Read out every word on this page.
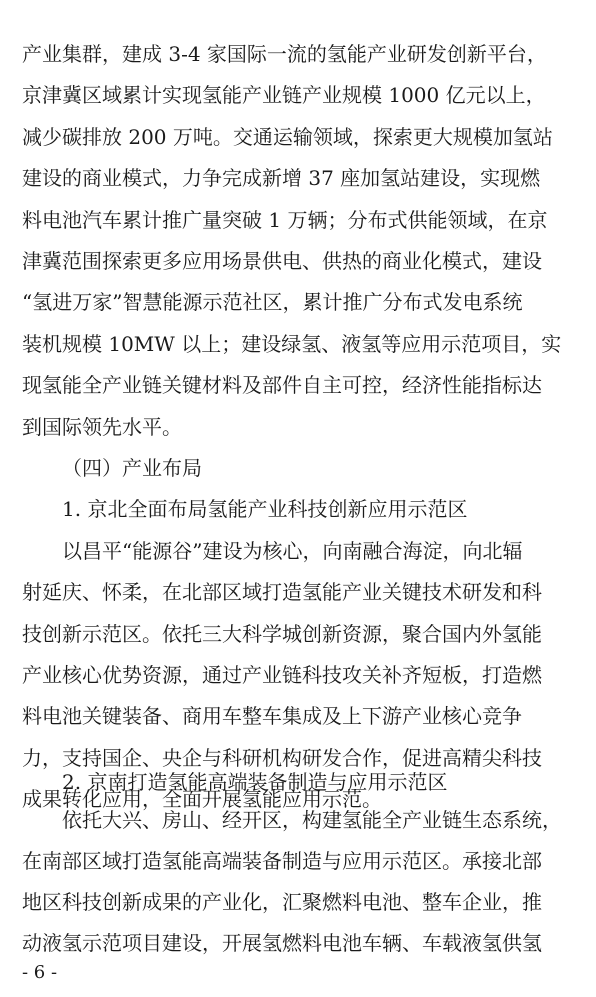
产业集群，建成 3-4 家国际一流的氢能产业研发创新平台，
京津冀区域累计实现氢能产业链产业规模 1000 亿元以上，
减少碳排放 200 万吨。交通运输领域，探索更大规模加氢站
建设的商业模式，力争完成新增 37 座加氢站建设，实现燃
料电池汽车累计推广量突破 1 万辆；分布式供能领域，在京
津冀范围探索更多应用场景供电、供热的商业化模式，建设
“氢进万家”智慧能源示范社区，累计推广分布式发电系统
装机规模 10MW 以上；建设绿氢、液氢等应用示范项目，实
现氢能全产业链关键材料及部件自主可控，经济性能指标达
到国际领先水平。
（四）产业布局
1. 京北全面布局氢能产业科技创新应用示范区
以昌平“能源谷”建设为核心，向南融合海淀，向北辐
射延庆、怀柔，在北部区域打造氢能产业关键技术研发和科
技创新示范区。依托三大科学城创新资源，聚合国内外氢能
产业核心优势资源，通过产业链科技攻关补齐短板，打造燃
料电池关键装备、商用车整车集成及上下游产业核心竞争
力，支持国企、央企与科研机构研发合作，促进高精尖科技
成果转化应用，全面开展氢能应用示范。
2. 京南打造氢能高端装备制造与应用示范区
依托大兴、房山、经开区，构建氢能全产业链生态系统，
在南部区域打造氢能高端装备制造与应用示范区。承接北部
地区科技创新成果的产业化，汇聚燃料电池、整车企业，推
动液氢示范项目建设，开展氢燃料电池车辆、车载液氢供氢
- 6 -
